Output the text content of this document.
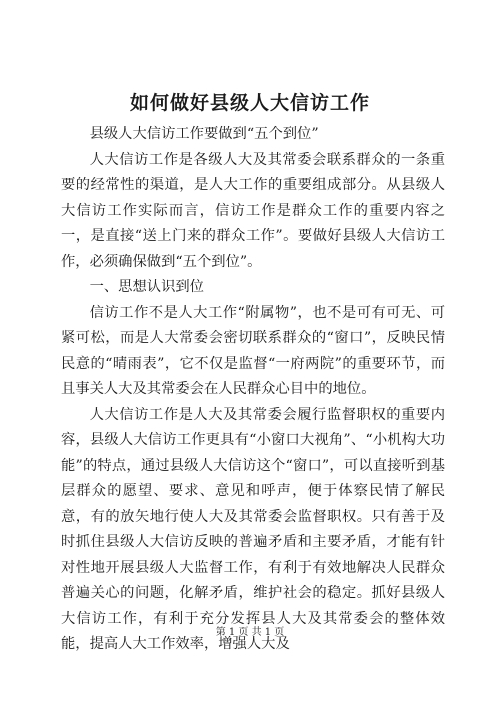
如何做好县级人大信访工作

县级人大信访工作要做到“五个到位”

人大信访工作是各级人大及其常委会联系群众的一条重要的经常性的渠道，是人大工作的重要组成部分。从县级人大信访工作实际而言，信访工作是群众工作的重要内容之一，是直接“送上门来的群众工作”。要做好县级人大信访工作，必须确保做到“五个到位”。

一、思想认识到位

信访工作不是人大工作“附属物”，也不是可有可无、可紧可松，而是人大常委会密切联系群众的“窗口”，反映民情民意的“晴雨表”，它不仅是监督“一府两院”的重要环节，而且事关人大及其常委会在人民群众心目中的地位。

人大信访工作是人大及其常委会履行监督职权的重要内容，县级人大信访工作更具有“小窗口大视角”、“小机构大功能”的特点，通过县级人大信访这个“窗口”，可以直接听到基层群众的愿望、要求、意见和呼声，便于体察民情了解民意，有的放矢地行使人大及其常委会监督职权。只有善于及时抓住县级人大信访反映的普遍矛盾和主要矛盾，才能有针对性地开展县级人大监督工作，有利于有效地解决人民群众普遍关心的问题，化解矛盾，维护社会的稳定。抓好县级人大信访工作，有利于充分发挥县人大及其常委会的整体效能，提高人大工作效率，增强人大及

第 1 页 共 1 页
